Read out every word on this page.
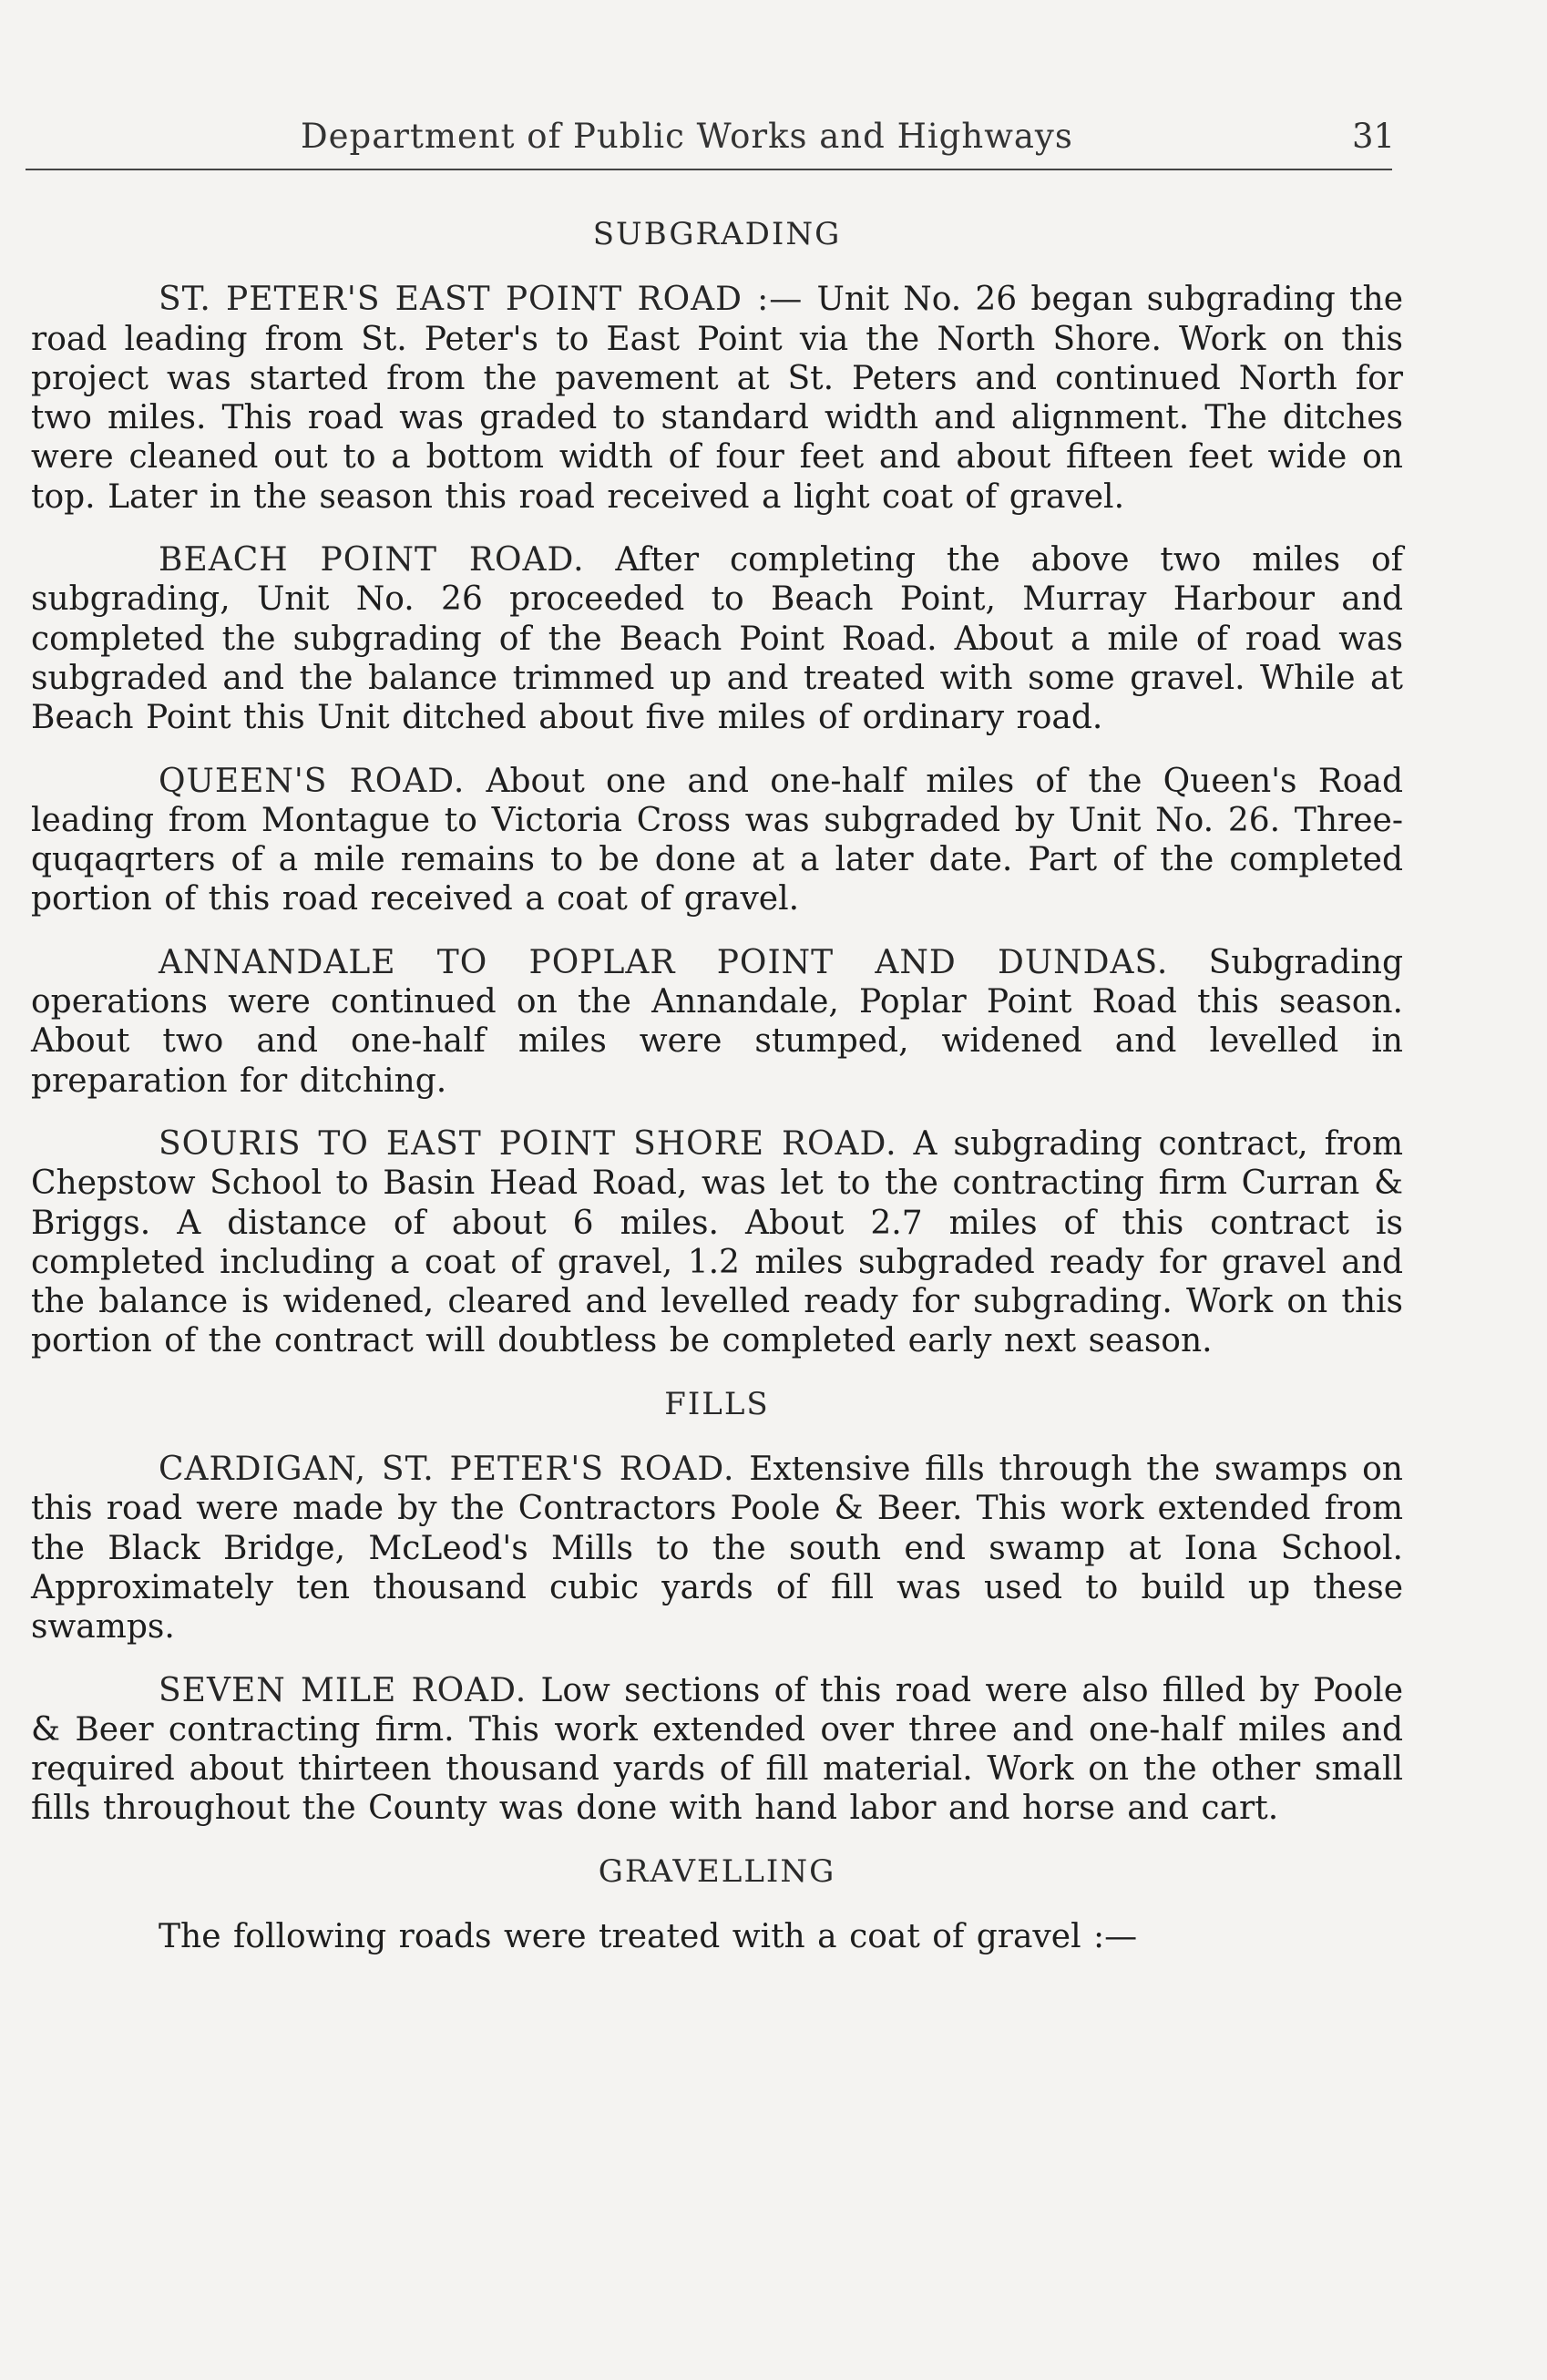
Department of Public Works and Highways	31
SUBGRADING

ST. PETER'S EAST POINT ROAD :— Unit No. 26 began subgrading the road leading from St. Peter's to East Point via the North Shore. Work on this project was started from the pavement at St. Peters and continued North for two miles. This road was graded to standard width and alignment. The ditches were cleaned out to a bottom width of four feet and about fifteen feet wide on top. Later in the season this road received a light coat of gravel.

BEACH POINT ROAD. After completing the above two miles of subgrading, Unit No. 26 proceeded to Beach Point, Murray Harbour and completed the subgrading of the Beach Point Road. About a mile of road was subgraded and the balance trimmed up and treated with some gravel. While at Beach Point this Unit ditched about five miles of ordinary road.

QUEEN'S ROAD. About one and one-half miles of the Queen's Road leading from Montague to Victoria Cross was subgraded by Unit No. 26. Three-quqaqrters of a mile remains to be done at a later date. Part of the completed portion of this road received a coat of gravel.

ANNANDALE TO POPLAR POINT AND DUNDAS. Subgrading operations were continued on the Annandale, Poplar Point Road this season. About two and one-half miles were stumped, widened and levelled in preparation for ditching.

SOURIS TO EAST POINT SHORE ROAD. A subgrading contract, from Chepstow School to Basin Head Road, was let to the contracting firm Curran & Briggs. A distance of about 6 miles. About 2.7 miles of this contract is completed including a coat of gravel, 1.2 miles subgraded ready for gravel and the balance is widened, cleared and levelled ready for subgrading. Work on this portion of the contract will doubtless be completed early next season.

FILLS

CARDIGAN, ST. PETER'S ROAD. Extensive fills through the swamps on this road were made by the Contractors Poole & Beer. This work extended from the Black Bridge, McLeod's Mills to the south end swamp at Iona School. Approximately ten thousand cubic yards of fill was used to build up these swamps.

SEVEN MILE ROAD. Low sections of this road were also filled by Poole & Beer contracting firm. This work extended over three and one-half miles and required about thirteen thousand yards of fill material. Work on the other small fills throughout the County was done with hand labor and horse and cart.

GRAVELLING

The following roads were treated with a coat of gravel :—
